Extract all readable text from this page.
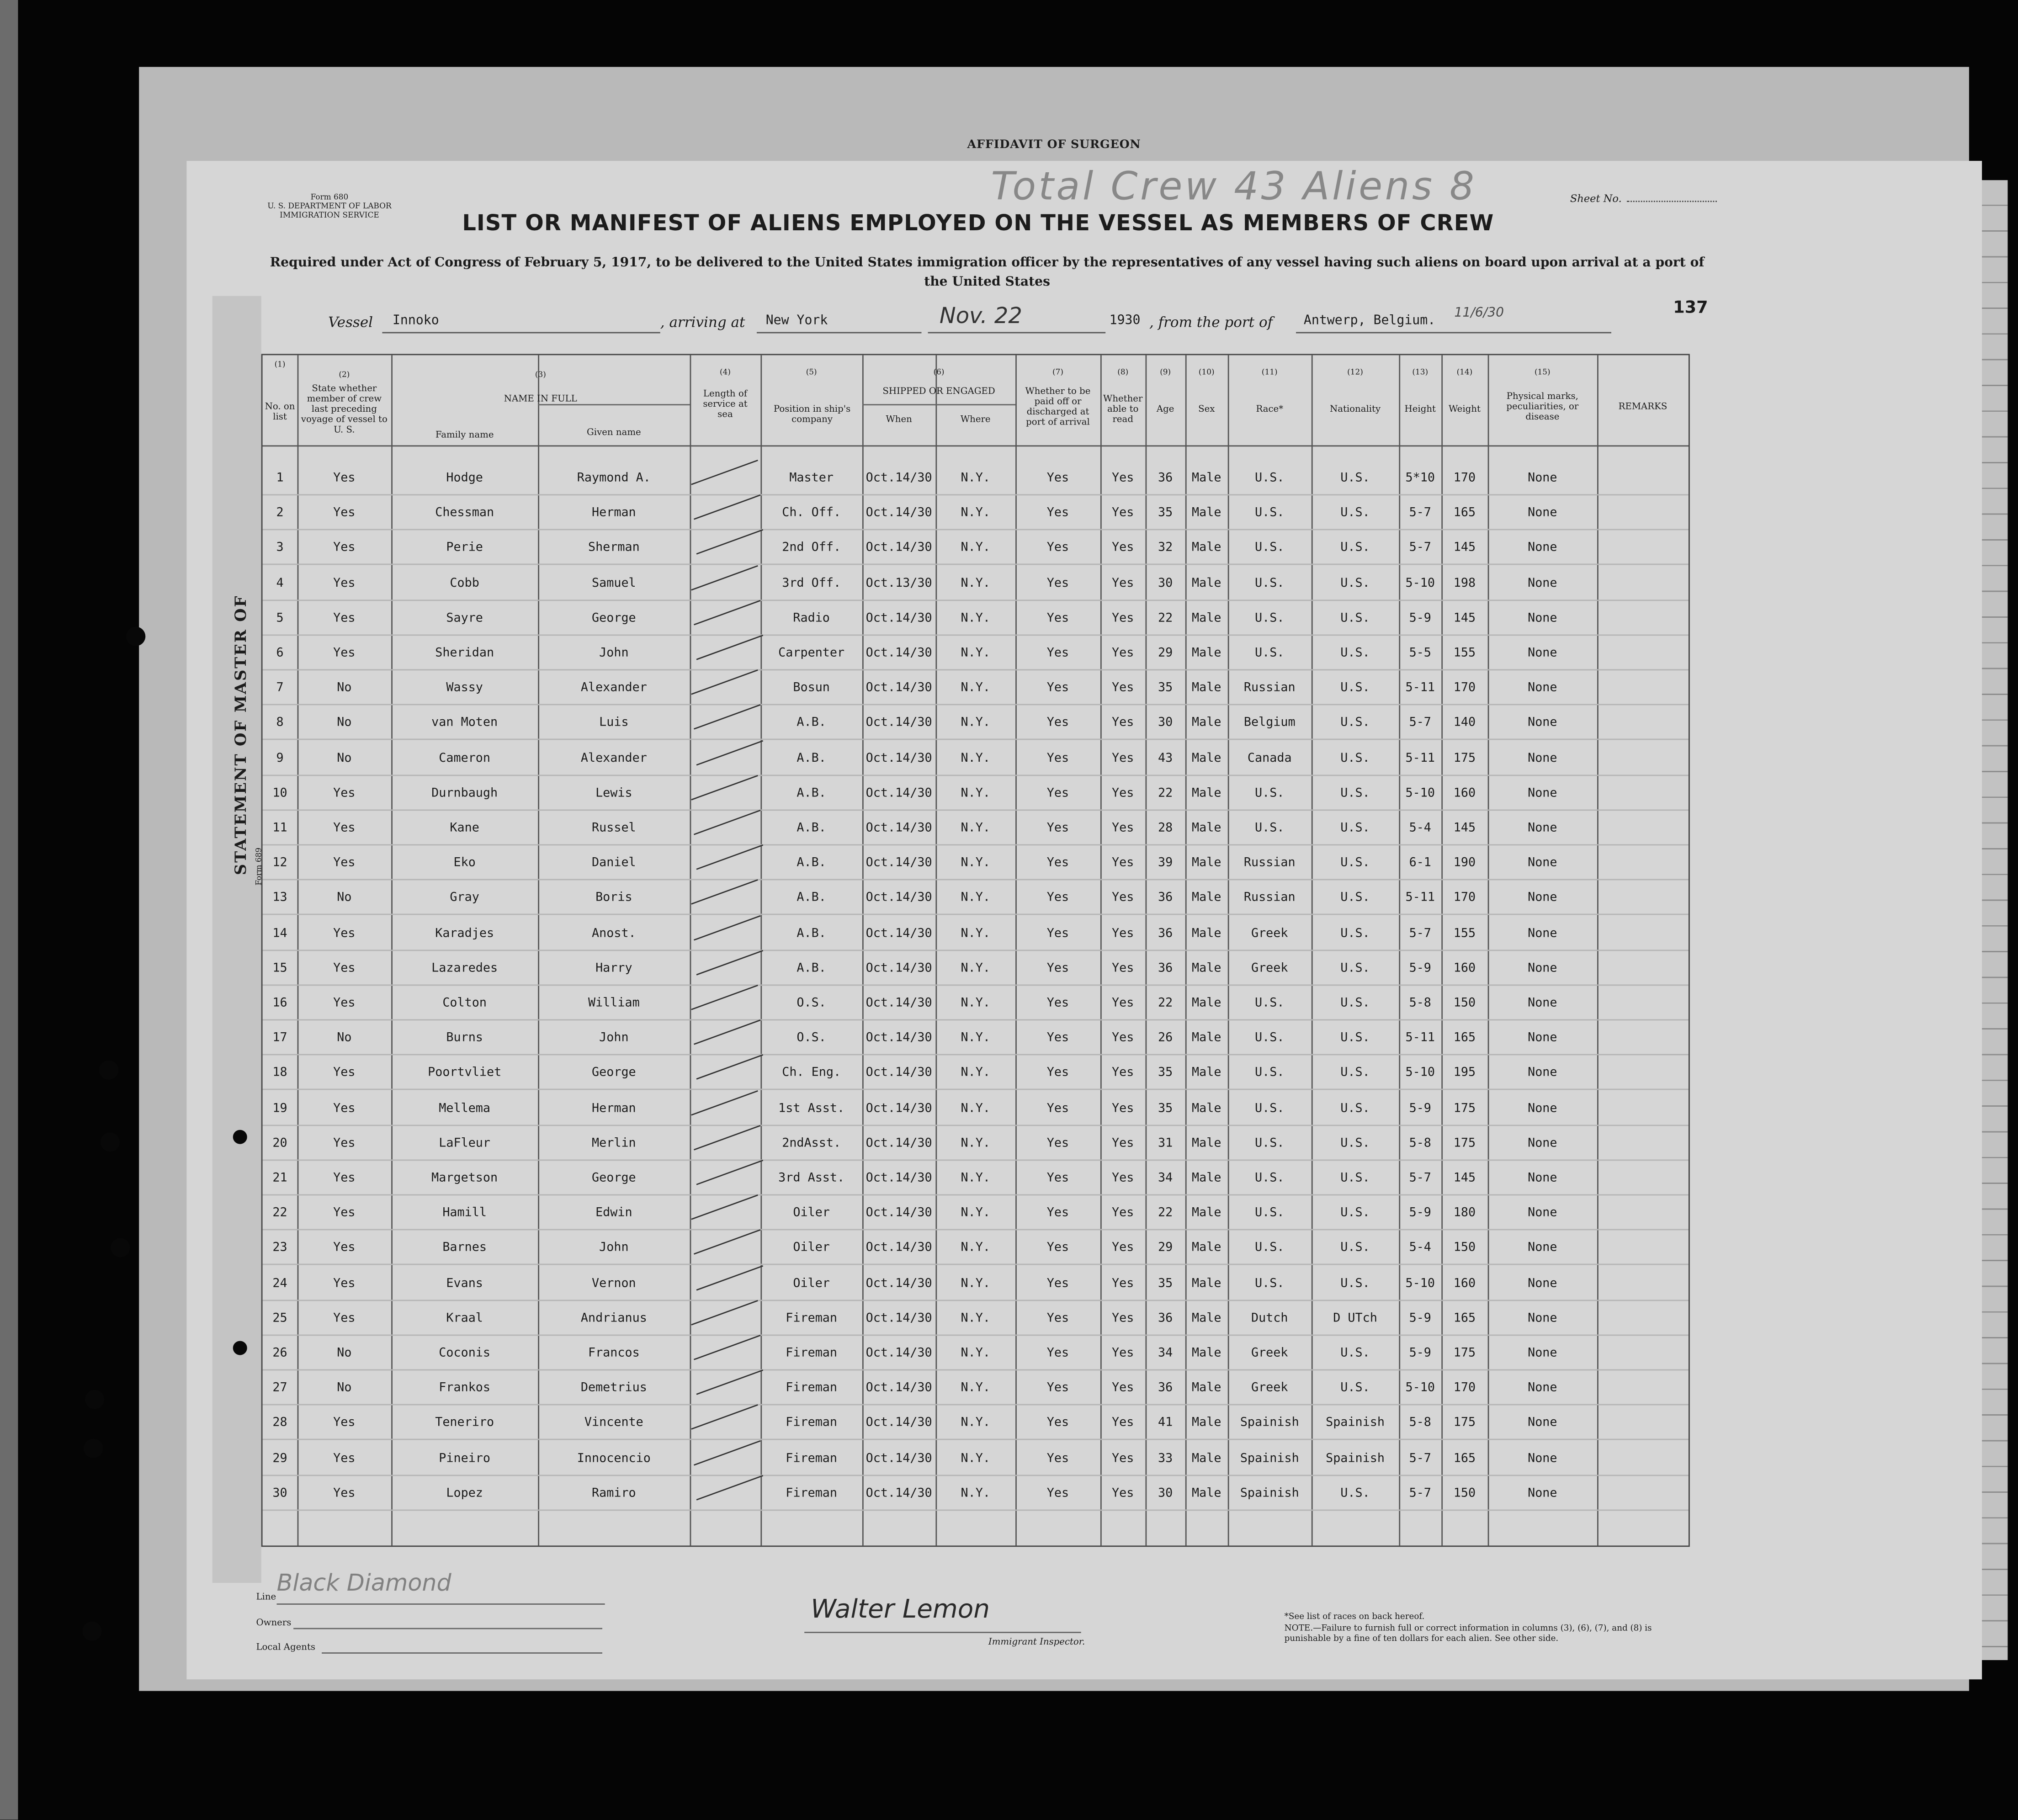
AFFIDAVIT OF SURGEON
Form 680
U. S. DEPARTMENT OF LABOR
IMMIGRATION SERVICE
Total Crew 43 Aliens 8	Sheet No.
LIST OR MANIFEST OF ALIENS EMPLOYED ON THE VESSEL AS MEMBERS OF CREW
Required under Act of Congress of February 5, 1917, to be delivered to the United States immigration officer by the representatives of any vessel having such aliens on board upon arrival at a port of the United States
Vessel	Innoko	, arriving at	New York	Nov. 22	1930 , from the port of	Antwerp, Belgium.
11/6/30	137
STATEMENT OF MASTER OF Form 689
(1)
No. on list
(2)
State whether member of crew last preceding voyage of vessel to U. S.
(3)
NAME IN FULL
Family name	Given name
(4)
Length of service at sea
(5)
Position in ship's company
(6)
SHIPPED OR ENGAGED
When	Where
(7)
Whether to be paid off or discharged at port of arrival
(8)
Whether able to read
(9)
Age
(10)
Sex
(11)
Race*
(12)
Nationality
(13)
Height
(14)
Weight
(15)
Physical marks, peculiarities, or disease
REMARKS
1	Yes	Hodge	Raymond A.	Master	Oct.14/30	N.Y.	Yes	Yes	36	Male	U.S.	U.S.	5*10	170	None
2	Yes	Chessman	Herman	Ch. Off.	Oct.14/30	N.Y.	Yes	Yes	35	Male	U.S.	U.S.	5-7	165	None
3	Yes	Perie	Sherman	2nd Off.	Oct.14/30	N.Y.	Yes	Yes	32	Male	U.S.	U.S.	5-7	145	None
4	Yes	Cobb	Samuel	3rd Off.	Oct.13/30	N.Y.	Yes	Yes	30	Male	U.S.	U.S.	5-10	198	None
5	Yes	Sayre	George	Radio	Oct.14/30	N.Y.	Yes	Yes	22	Male	U.S.	U.S.	5-9	145	None
6	Yes	Sheridan	John	Carpenter	Oct.14/30	N.Y.	Yes	Yes	29	Male	U.S.	U.S.	5-5	155	None
7	No	Wassy	Alexander	Bosun	Oct.14/30	N.Y.	Yes	Yes	35	Male	Russian	U.S.	5-11	170	None
8	No	van Moten	Luis	A.B.	Oct.14/30	N.Y.	Yes	Yes	30	Male	Belgium	U.S.	5-7	140	None
9	No	Cameron	Alexander	A.B.	Oct.14/30	N.Y.	Yes	Yes	43	Male	Canada	U.S.	5-11	175	None
10	Yes	Durnbaugh	Lewis	A.B.	Oct.14/30	N.Y.	Yes	Yes	22	Male	U.S.	U.S.	5-10	160	None
11	Yes	Kane	Russel	A.B.	Oct.14/30	N.Y.	Yes	Yes	28	Male	U.S.	U.S.	5-4	145	None
12	Yes	Eko	Daniel	A.B.	Oct.14/30	N.Y.	Yes	Yes	39	Male	Russian	U.S.	6-1	190	None
13	No	Gray	Boris	A.B.	Oct.14/30	N.Y.	Yes	Yes	36	Male	Russian	U.S.	5-11	170	None
14	Yes	Karadjes	Anost.	A.B.	Oct.14/30	N.Y.	Yes	Yes	36	Male	Greek	U.S.	5-7	155	None
15	Yes	Lazaredes	Harry	A.B.	Oct.14/30	N.Y.	Yes	Yes	36	Male	Greek	U.S.	5-9	160	None
16	Yes	Colton	William	O.S.	Oct.14/30	N.Y.	Yes	Yes	22	Male	U.S.	U.S.	5-8	150	None
17	No	Burns	John	O.S.	Oct.14/30	N.Y.	Yes	Yes	26	Male	U.S.	U.S.	5-11	165	None
18	Yes	Poortvliet	George	Ch. Eng.	Oct.14/30	N.Y.	Yes	Yes	35	Male	U.S.	U.S.	5-10	195	None
19	Yes	Mellema	Herman	1st Asst.	Oct.14/30	N.Y.	Yes	Yes	35	Male	U.S.	U.S.	5-9	175	None
20	Yes	LaFleur	Merlin	2ndAsst.	Oct.14/30	N.Y.	Yes	Yes	31	Male	U.S.	U.S.	5-8	175	None
21	Yes	Margetson	George	3rd Asst.	Oct.14/30	N.Y.	Yes	Yes	34	Male	U.S.	U.S.	5-7	145	None
22	Yes	Hamill	Edwin	Oiler	Oct.14/30	N.Y.	Yes	Yes	22	Male	U.S.	U.S.	5-9	180	None
23	Yes	Barnes	John	Oiler	Oct.14/30	N.Y.	Yes	Yes	29	Male	U.S.	U.S.	5-4	150	None
24	Yes	Evans	Vernon	Oiler	Oct.14/30	N.Y.	Yes	Yes	35	Male	U.S.	U.S.	5-10	160	None
25	Yes	Kraal	Andrianus	Fireman	Oct.14/30	N.Y.	Yes	Yes	36	Male	Dutch	D UTch	5-9	165	None
26	No	Coconis	Francos	Fireman	Oct.14/30	N.Y.	Yes	Yes	34	Male	Greek	U.S.	5-9	175	None
27	No	Frankos	Demetrius	Fireman	Oct.14/30	N.Y.	Yes	Yes	36	Male	Greek	U.S.	5-10	170	None
28	Yes	Teneriro	Vincente	Fireman	Oct.14/30	N.Y.	Yes	Yes	41	Male	Spainish	Spainish	5-8	175	None
29	Yes	Pineiro	Innocencio	Fireman	Oct.14/30	N.Y.	Yes	Yes	33	Male	Spainish	Spainish	5-7	165	None
30	Yes	Lopez	Ramiro	Fireman	Oct.14/30	N.Y.	Yes	Yes	30	Male	Spainish	U.S.	5-7	150	None
Line
Black Diamond
Owners
Local Agents
Walter Lemon
Immigrant Inspector.
*See list of races on back hereof.
NOTE.—Failure to furnish full or correct information in columns (3), (6), (7), and (8) is punishable by a fine of ten dollars for each alien. See other side.
